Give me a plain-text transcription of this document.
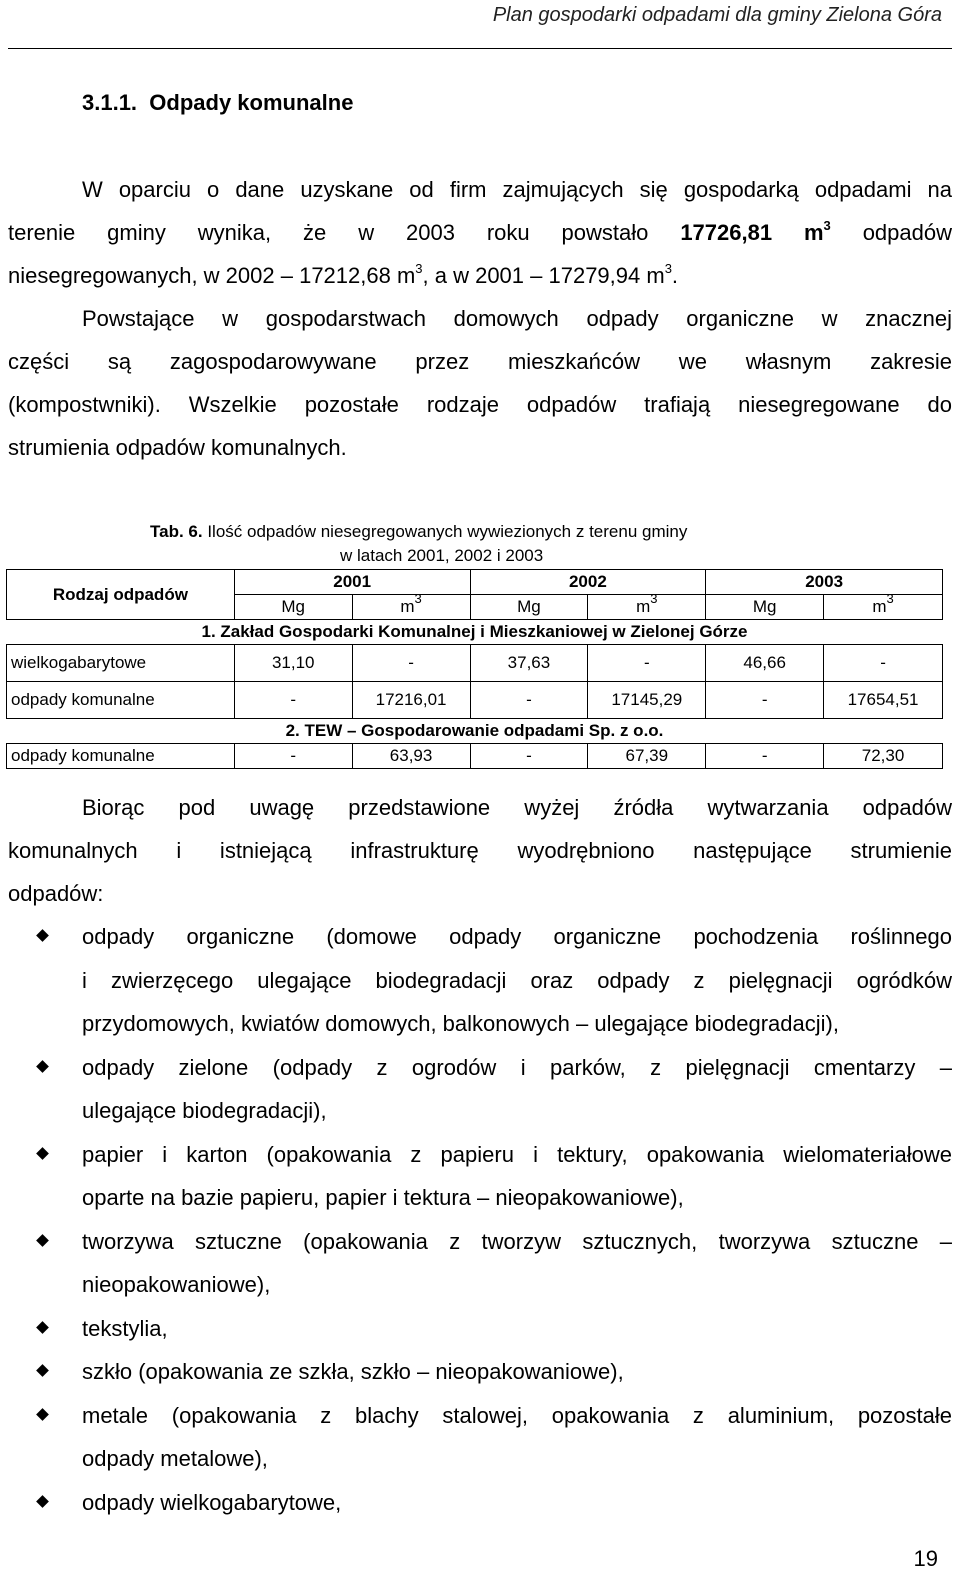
Plan gospodarki odpadami dla gminy Zielona Góra
3.1.1. Odpady komunalne
W oparciu o dane uzyskane od firm zajmujących się gospodarką odpadami na
terenie gminy wynika, że w 2003 roku powstało 17726,81 $m^3$ odpadów
niesegregowanych, w 2002 – 17212,68 $m^3$, a w 2001 – 17279,94 $m^3$.
Powstające w gospodarstwach domowych odpady organiczne w znacznej
części są zagospodarowywane przez mieszkańców we własnym zakresie
(kompostwniki). Wszelkie pozostałe rodzaje odpadów trafiają niesegregowane do
strumienia odpadów komunalnych.
Tab. 6. Ilość odpadów niesegregowanych wywiezionych z terenu gminy
w latach 2001, 2002 i 2003
Rodzaj odpadów	2001		2002		2003	
	Mg	$m^3$	Mg	$m^3$	Mg	$m^3$
1. Zakład Gospodarki Komunalnej i Mieszkaniowej w Zielonej Górze						
wielkogabarytowe	31,10	-	37,63	-	46,66	-
odpady komunalne	-	17216,01	-	17145,29	-	17654,51
2. TEW – Gospodarowanie odpadami Sp. z o.o.						
odpady komunalne	-	63,93	-	67,39	-	72,30
Biorąc pod uwagę przedstawione wyżej źródła wytwarzania odpadów
komunalnych i istniejącą infrastrukturę wyodrębniono następujące strumienie
odpadów:
odpady organiczne (domowe odpady organiczne pochodzenia roślinnego
i zwierzęcego ulegające biodegradacji oraz odpady z pielęgnacji ogródków
przydomowych, kwiatów domowych, balkonowych – ulegające biodegradacji),
odpady zielone (odpady z ogrodów i parków, z pielęgnacji cmentarzy –
ulegające biodegradacji),
papier i karton (opakowania z papieru i tektury, opakowania wielomateriałowe
oparte na bazie papieru, papier i tektura – nieopakowaniowe),
tworzywa sztuczne (opakowania z tworzyw sztucznych, tworzywa sztuczne –
nieopakowaniowe),
tekstylia,
szkło (opakowania ze szkła, szkło – nieopakowaniowe),
metale (opakowania z blachy stalowej, opakowania z aluminium, pozostałe
odpady metalowe),
odpady wielkogabarytowe,
19
